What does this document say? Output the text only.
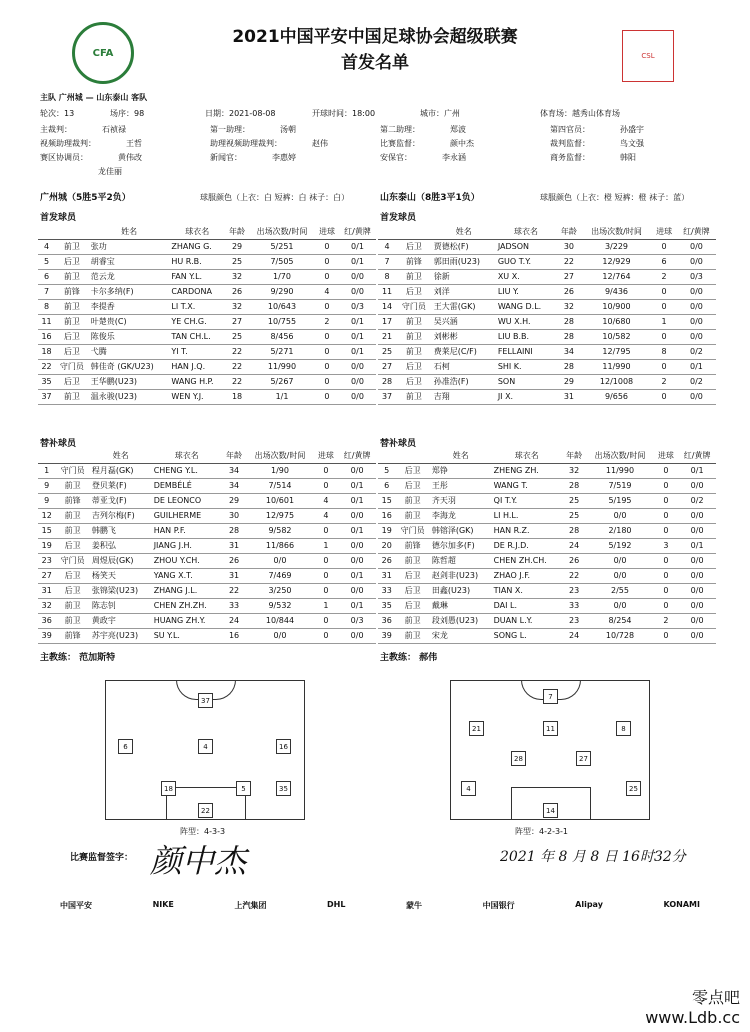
CFA	CSL
2021中国平安中国足球协会超级联赛
首发名单
主队 广州城 — 山东泰山 客队
轮次：13	场序：98	日期：2021-08-08	开球时间：18:00	城市：广州	体育场：越秀山体育场
广州城（5胜5平2负）	球服颜色（上衣：白 短裤：白 袜子：白）	山东泰山（8胜3平1负）	球服颜色（上衣：橙 短裤：橙 袜子：蓝）
首发球员	首发球员
		姓名	球衣名	年龄	出场次数/时间	进球	红/黄牌
4	前卫	张功	ZHANG G.	29	5/251	0	0/1
5	后卫	胡睿宝	HU R.B.	25	7/505	0	0/1
6	前卫	范云龙	FAN Y.L.	32	1/70	0	0/0
7	前锋	卡尔多纳(F)	CARDONA	26	9/290	4	0/0
8	前卫	李提香	LI T.X.	32	10/643	0	0/3
11	前卫	叶楚贵(C)	YE CH.G.	27	10/755	2	0/1
16	后卫	陈俊乐	TAN CH.L.	25	8/456	0	0/1
18	后卫	弋腾	YI T.	22	5/271	0	0/1
22	守门员	韩佳奇 (GK/U23)	HAN J.Q.	22	11/990	0	0/0
35	后卫	王华鹏(U23)	WANG H.P.	22	5/267	0	0/0
37	前卫	温永骏(U23)	WEN Y.J.	18	1/1	0	0/0
		姓名	球衣名	年龄	出场次数/时间	进球	红/黄牌
4	后卫	贾德松(F)	JADSON	30	3/229	0	0/0
7	前锋	郭田雨(U23)	GUO T.Y.	22	12/929	6	0/0
8	前卫	徐新	XU X.	27	12/764	2	0/3
11	后卫	刘洋	LIU Y.	26	9/436	0	0/0
14	守门员	王大雷(GK)	WANG D.L.	32	10/900	0	0/0
17	前卫	吴兴涵	WU X.H.	28	10/680	1	0/0
21	前卫	刘彬彬	LIU B.B.	28	10/582	0	0/0
25	前卫	费莱尼(C/F)	FELLAINI	34	12/795	8	0/2
27	后卫	石柯	SHI K.	28	11/990	0	0/1
28	后卫	孙准浩(F)	SON	29	12/1008	2	0/2
37	前卫	吉翔	JI X.	31	9/656	0	0/0
替补球员	替补球员
		姓名	球衣名	年龄	出场次数/时间	进球	红/黄牌
1	守门员	程月磊(GK)	CHENG Y.L.	34	1/90	0	0/0
9	前卫	登贝莱(F)	DEMBÉLÉ	34	7/514	0	0/1
9	前锋	蒂亚戈(F)	DE LEONCO	29	10/601	4	0/1
12	前卫	吉列尔梅(F)	GUILHERME	30	12/975	4	0/0
15	前卫	韩鹏飞	HAN P.F.	28	9/582	0	0/1
19	后卫	姜积弘	JIANG J.H.	31	11/866	1	0/0
23	守门员	周煜辰(GK)	ZHOU Y.CH.	26	0/0	0	0/0
27	后卫	杨笑天	YANG X.T.	31	7/469	0	0/1
31	后卫	张锦梁(U23)	ZHANG J.L.	22	3/250	0	0/0
32	前卫	陈志钊	CHEN ZH.ZH.	33	9/532	1	0/1
36	前卫	黄政宇	HUANG ZH.Y.	24	10/844	0	0/3
39	前锋	苏宇亮(U23)	SU Y.L.	16	0/0	0	0/0
		姓名	球衣名	年龄	出场次数/时间	进球	红/黄牌
5	后卫	郑铮	ZHENG ZH.	32	11/990	0	0/1
6	后卫	王彤	WANG T.	28	7/519	0	0/0
15	前卫	齐天羽	QI T.Y.	25	5/195	0	0/2
16	前卫	李海龙	LI H.L.	25	0/0	0	0/0
19	守门员	韩镕泽(GK)	HAN R.Z.	28	2/180	0	0/0
20	前锋	德尔加多(F)	DE R.J.D.	24	5/192	3	0/1
26	前卫	陈哲超	CHEN ZH.CH.	26	0/0	0	0/0
31	后卫	赵剑非(U23)	ZHAO J.F.	22	0/0	0	0/0
33	后卫	田鑫(U23)	TIAN X.	23	2/55	0	0/0
35	后卫	戴琳	DAI L.	33	0/0	0	0/0
36	前卫	段刘愚(U23)	DUAN L.Y.	23	8/254	2	0/0
39	前卫	宋龙	SONG L.	24	10/728	0	0/0
主教练： 范加斯特	主教练： 郝伟
37
6	4	16
18	5	35
22
7
21	11	8
28	27
4	25
14
阵型：4-3-3	阵型：4-2-3-1
比赛监督签字： 颜中杰	2021 年 8 月 8 日 16时32分
中国平安	NIKE	上汽集团	DHL	蒙牛	中国银行	Alipay	KONAMI
零点吧 www.Ldb.cc
主裁判：	石祯禄	第一助理：	汤朝	第二助理：	郑波	第四官员：	孙盛宇
视频助理裁判：	王哲	助理视频助理裁判：	赵伟	比赛监督：	颜中杰	裁判监督：	鸟文强
赛区协调员：	黄伟改	新闻官：	李惠婷	安保官：	李永涵	商务监督：	韩阳
龙佳丽
